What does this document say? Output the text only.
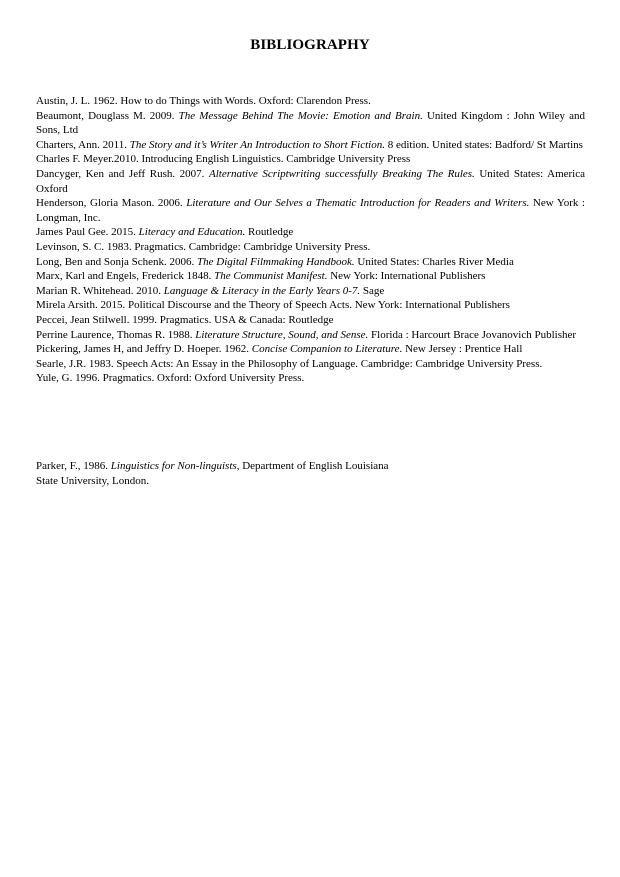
BIBLIOGRAPHY

Austin, J. L. 1962. How to do Things with Words. Oxford: Clarendon Press.

Beaumont, Douglass M. 2009. The Message Behind The Movie: Emotion and Brain. United Kingdom : John Wiley and Sons, Ltd

Charters, Ann. 2011. The Story and it’s Writer An Introduction to Short Fiction. 8 edition. United states: Badford/ St Martins

Charles F. Meyer.2010. Introducing English Linguistics. Cambridge University Press

Dancyger, Ken and Jeff Rush. 2007. Alternative Scriptwriting successfully Breaking The Rules. United States: America Oxford

Henderson, Gloria Mason. 2006. Literature and Our Selves a Thematic Introduction for Readers and Writers. New York : Longman, Inc.

James Paul Gee. 2015. Literacy and Education. Routledge

Levinson, S. C. 1983. Pragmatics. Cambridge: Cambridge University Press.

Long, Ben and Sonja Schenk. 2006. The Digital Filmmaking Handbook. United States: Charles River Media

Marx, Karl and Engels, Frederick 1848. The Communist Manifest. New York: International Publishers

Marian R. Whitehead. 2010. Language & Literacy in the Early Years 0-7. Sage

Mirela Arsith. 2015. Political Discourse and the Theory of Speech Acts. New York: International Publishers

Peccei, Jean Stilwell. 1999. Pragmatics. USA & Canada: Routledge

Perrine Laurence, Thomas R. 1988. Literature Structure, Sound, and Sense. Florida : Harcourt Brace Jovanovich Publisher

Pickering, James H, and Jeffry D. Hoeper. 1962. Concise Companion to Literature. New Jersey : Prentice Hall

Searle, J.R. 1983. Speech Acts: An Essay in the Philosophy of Language. Cambridge: Cambridge University Press.

Yule, G. 1996. Pragmatics. Oxford: Oxford University Press.

Parker, F., 1986. Linguistics for Non-linguists, Department of English Louisiana
State University, London.
